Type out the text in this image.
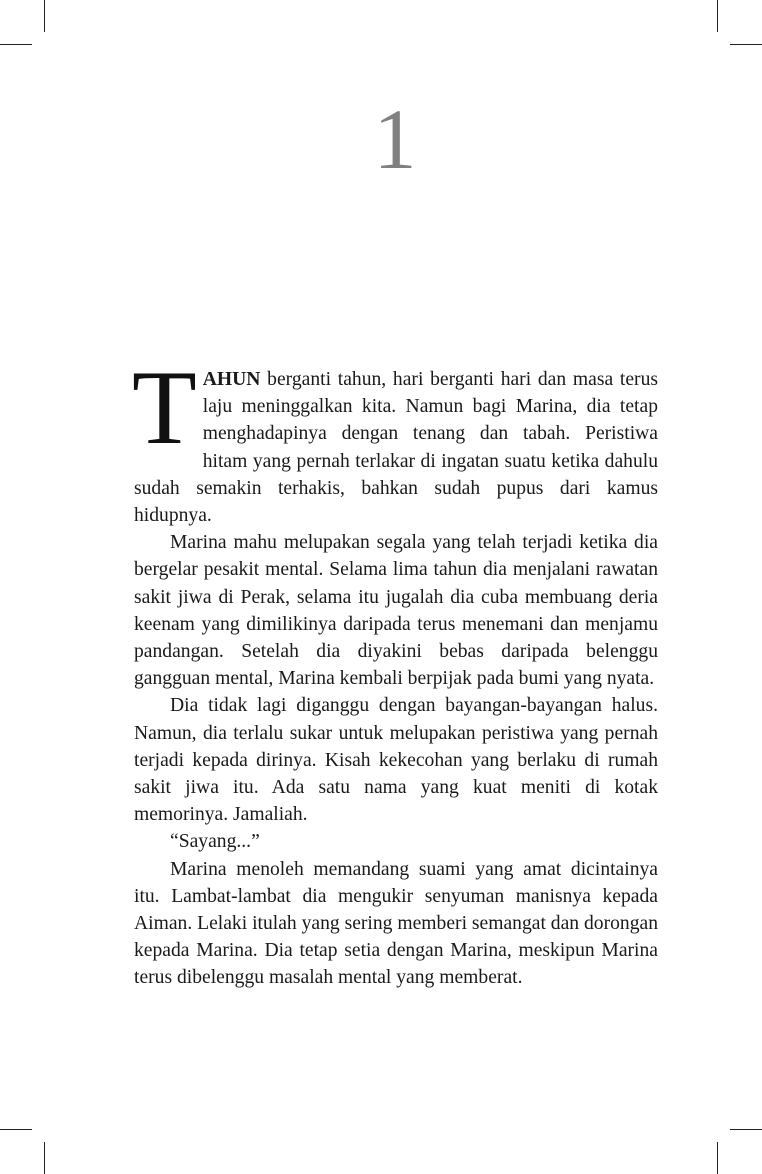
1

TAHUN berganti tahun, hari berganti hari dan masa terus laju meninggalkan kita. Namun bagi Marina, dia tetap menghadapinya dengan tenang dan tabah. Peristiwa hitam yang pernah terlakar di ingatan suatu ketika dahulu sudah semakin terhakis, bahkan sudah pupus dari kamus hidupnya.

Marina mahu melupakan segala yang telah terjadi ketika dia bergelar pesakit mental. Selama lima tahun dia menjalani rawatan sakit jiwa di Perak, selama itu jugalah dia cuba membuang deria keenam yang dimilikinya daripada terus menemani dan menjamu pandangan. Setelah dia diyakini bebas daripada belenggu gangguan mental, Marina kembali berpijak pada bumi yang nyata.

Dia tidak lagi diganggu dengan bayangan-bayangan halus. Namun, dia terlalu sukar untuk melupakan peristiwa yang pernah terjadi kepada dirinya. Kisah kekecohan yang berlaku di rumah sakit jiwa itu. Ada satu nama yang kuat meniti di kotak memorinya. Jamaliah.

“Sayang...”

Marina menoleh memandang suami yang amat dicintainya itu. Lambat-lambat dia mengukir senyuman manisnya kepada Aiman. Lelaki itulah yang sering memberi semangat dan dorongan kepada Marina. Dia tetap setia dengan Marina, meskipun Marina terus dibelenggu masalah mental yang memberat.
